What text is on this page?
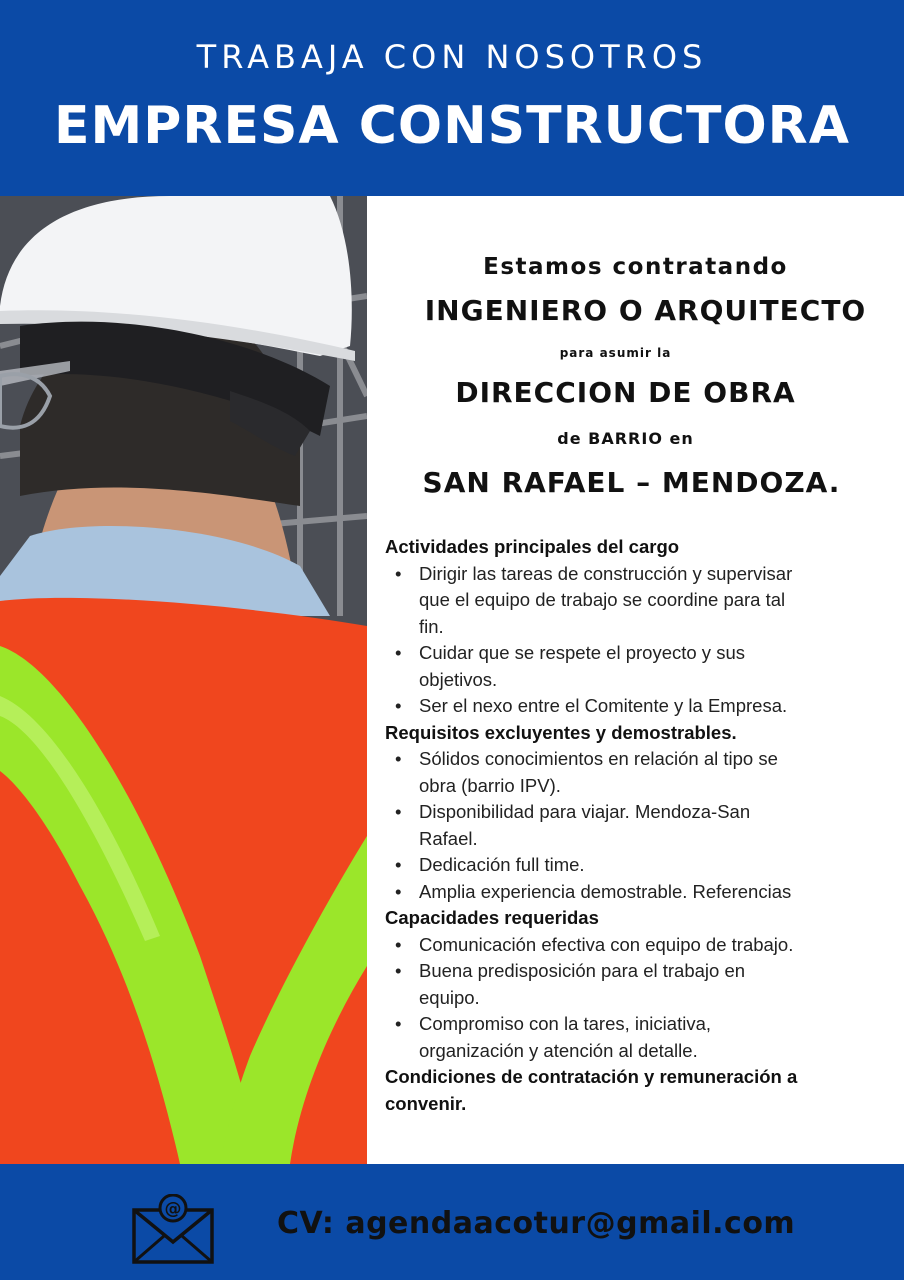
TRABAJA CON NOSOTROS
EMPRESA CONSTRUCTORA
Estamos contratando
INGENIERO O ARQUITECTO
para asumir la
DIRECCION DE OBRA
de BARRIO en
SAN RAFAEL – MENDOZA.
Actividades principales del cargo
• Dirigir las tareas de construcción y supervisar
que el equipo de trabajo se coordine para tal
fin.
• Cuidar que se respete el proyecto y sus
objetivos.
• Ser el nexo entre el Comitente y la Empresa.
Requisitos excluyentes y demostrables.
• Sólidos conocimientos en relación al tipo se
obra (barrio IPV).
• Disponibilidad para viajar. Mendoza-San
Rafael.
• Dedicación full time.
• Amplia experiencia demostrable. Referencias
Capacidades requeridas
• Comunicación efectiva con equipo de trabajo.
• Buena predisposición para el trabajo en
equipo.
• Compromiso con la tares, iniciativa,
organización y atención al detalle.
Condiciones de contratación y remuneración a
convenir.
@	CV: agendaacotur@gmail.com
